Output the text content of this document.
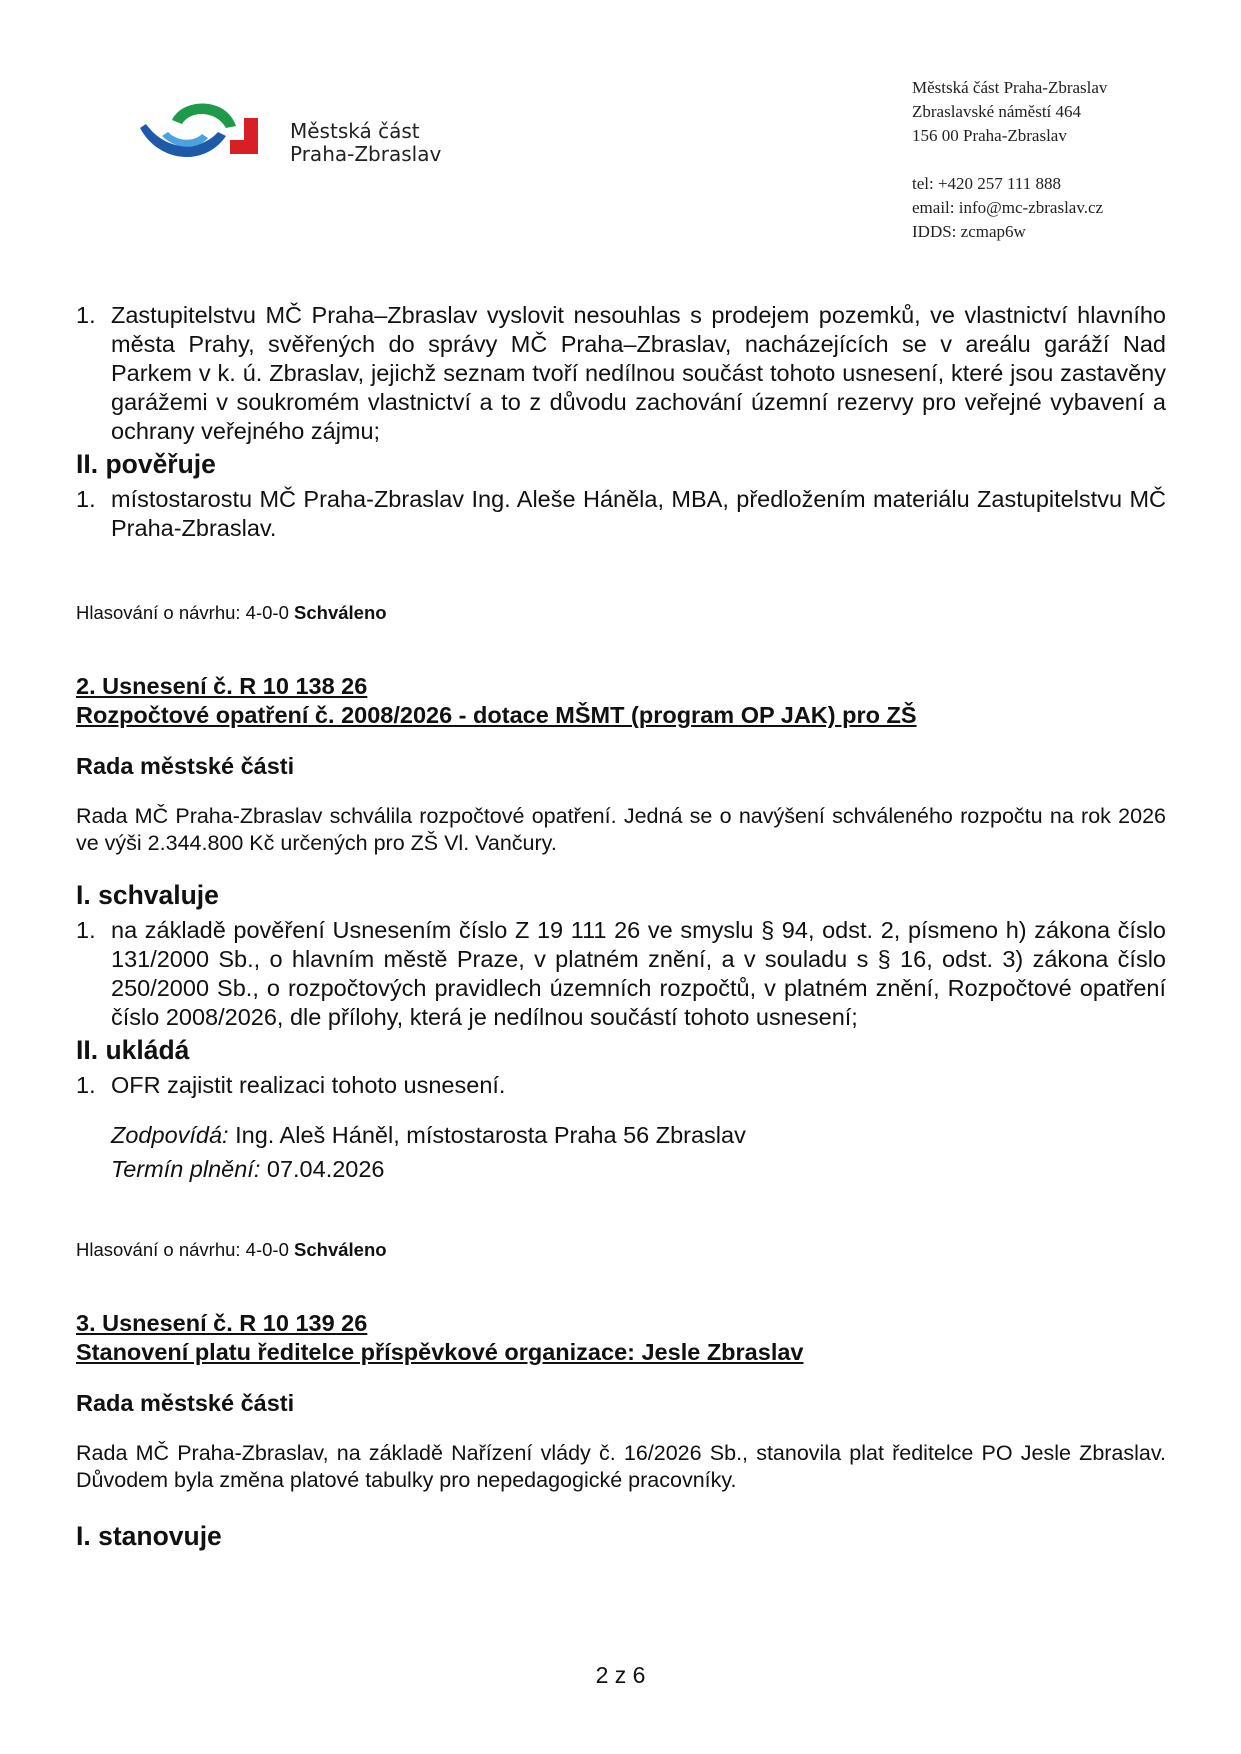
Městská část
Praha-Zbraslav
Městská část Praha-Zbraslav
Zbraslavské náměstí 464
156 00 Praha-Zbraslav
tel: +420 257 111 888
email: info@mc-zbraslav.cz
IDDS: zcmap6w
1. Zastupitelstvu MČ Praha–Zbraslav vyslovit nesouhlas s prodejem pozemků, ve vlastnictví hlavního města Prahy, svěřených do správy MČ Praha–Zbraslav, nacházejících se v areálu garáží Nad Parkem v k. ú. Zbraslav, jejichž seznam tvoří nedílnou součást tohoto usnesení, které jsou zastavěny garážemi v soukromém vlastnictví a to z důvodu zachování územní rezervy pro veřejné vybavení a ochrany veřejného zájmu;
II. pověřuje
1. místostarostu MČ Praha-Zbraslav Ing. Aleše Háněla, MBA, předložením materiálu Zastupitelstvu MČ Praha-Zbraslav.
Hlasování o návrhu: 4-0-0 Schváleno
2. Usnesení č. R 10 138 26
Rozpočtové opatření č. 2008/2026 - dotace MŠMT (program OP JAK) pro ZŠ
Rada městské části
Rada MČ Praha-Zbraslav schválila rozpočtové opatření. Jedná se o navýšení schváleného rozpočtu na rok 2026 ve výši 2.344.800 Kč určených pro ZŠ Vl. Vančury.
I. schvaluje
1. na základě pověření Usnesením číslo Z 19 111 26 ve smyslu § 94, odst. 2, písmeno h) zákona číslo 131/2000 Sb., o hlavním městě Praze, v platném znění, a v souladu s § 16, odst. 3) zákona číslo 250/2000 Sb., o rozpočtových pravidlech územních rozpočtů, v platném znění, Rozpočtové opatření číslo 2008/2026, dle přílohy, která je nedílnou součástí tohoto usnesení;
II. ukládá
1. OFR zajistit realizaci tohoto usnesení.
Zodpovídá: Ing. Aleš Háněl, místostarosta Praha 56 Zbraslav
Termín plnění: 07.04.2026
Hlasování o návrhu: 4-0-0 Schváleno
3. Usnesení č. R 10 139 26
Stanovení platu ředitelce příspěvkové organizace: Jesle Zbraslav
Rada městské části
Rada MČ Praha-Zbraslav, na základě Nařízení vlády č. 16/2026 Sb., stanovila plat ředitelce PO Jesle Zbraslav. Důvodem byla změna platové tabulky pro nepedagogické pracovníky.
I. stanovuje
2 z 6
